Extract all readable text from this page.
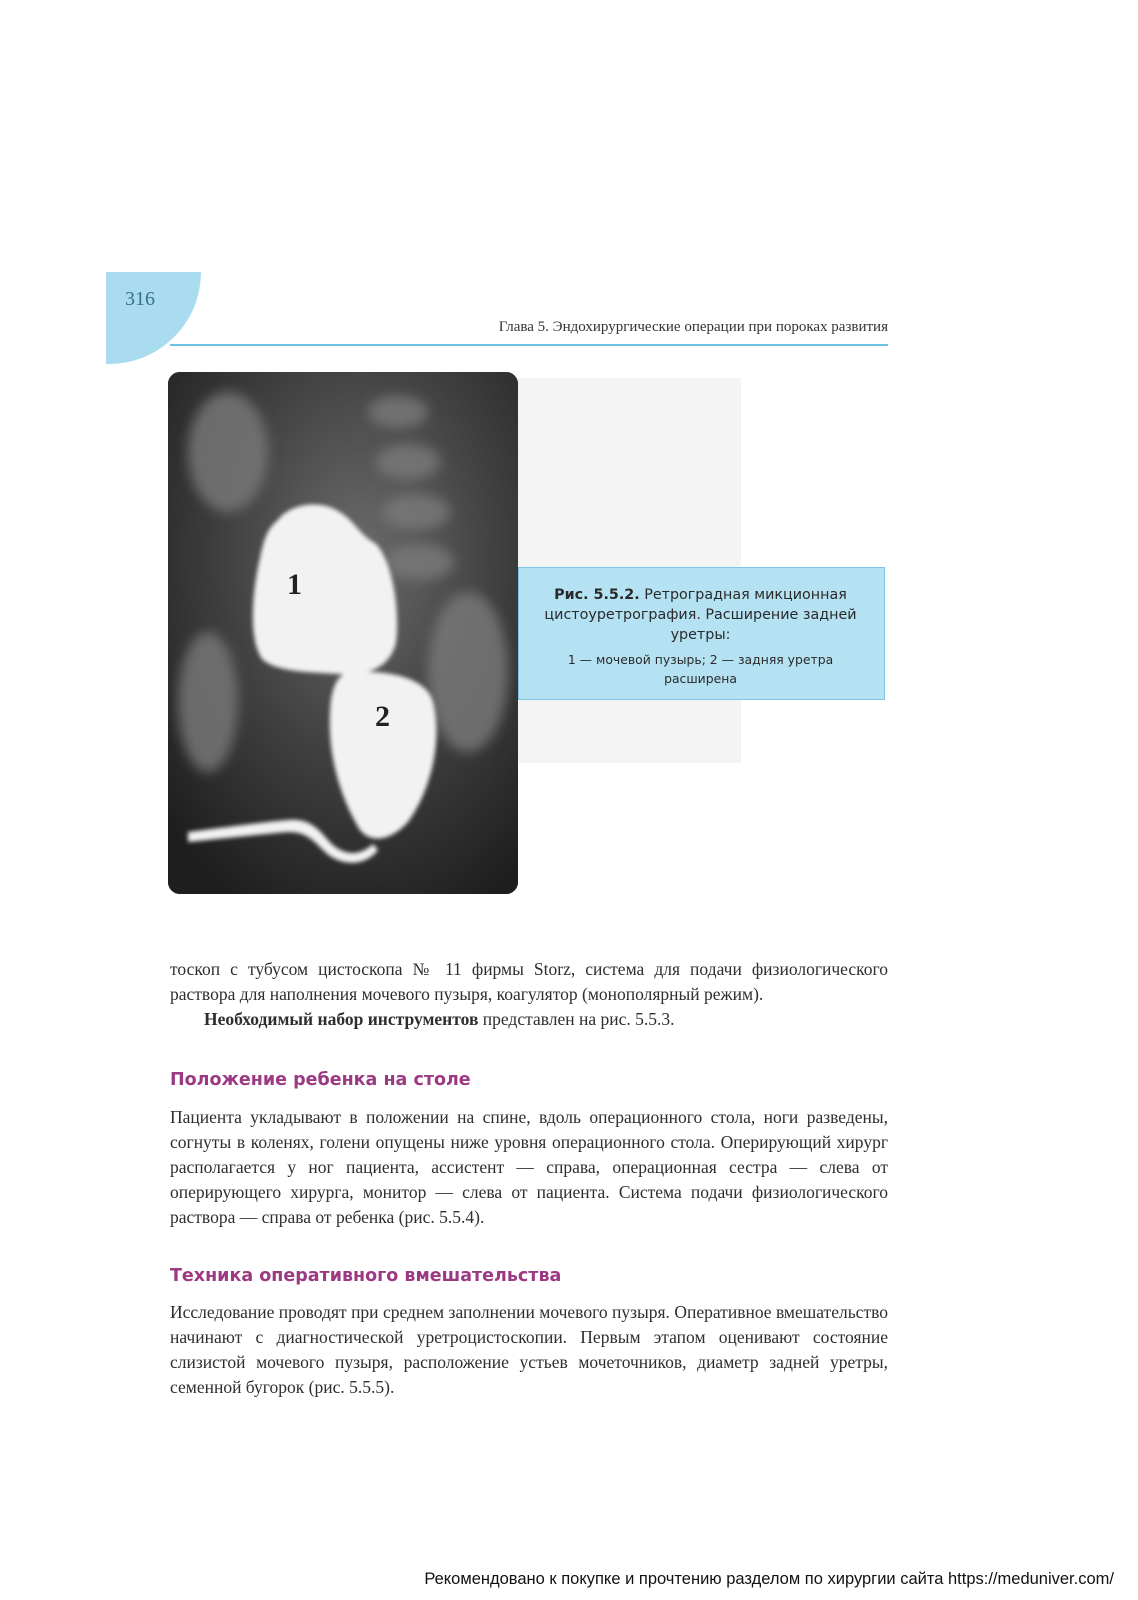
316
Глава 5. Эндохирургические операции при пороках развития
1
2
Рис. 5.5.2. Ретроградная микционная цистоуретрография. Расширение задней уретры:
1 — мочевой пузырь; 2 — задняя уретра расширена

тоскоп с тубусом цистоскопа № 11 фирмы Storz, система для подачи физиологического раствора для наполнения мочевого пузыря, коагулятор (монополярный режим).

Необходимый набор инструментов представлен на рис. 5.5.3.

Положение ребенка на столе

Пациента укладывают в положении на спине, вдоль операционного стола, ноги разведены, согнуты в коленях, голени опущены ниже уровня операционного стола. Оперирующий хирург располагается у ног пациента, ассистент — справа, операционная сестра — слева от оперирующего хирурга, монитор — слева от пациента. Система подачи физиологического раствора — справа от ребенка (рис. 5.5.4).

Техника оперативного вмешательства

Исследование проводят при среднем заполнении мочевого пузыря. Оперативное вмешательство начинают с диагностической уретроцистоскопии. Первым этапом оценивают состояние слизистой мочевого пузыря, расположение устьев мочеточников, диаметр задней уретры, семенной бугорок (рис. 5.5.5).

Рекомендовано к покупке и прочтению разделом по хирургии сайта https://meduniver.com/
